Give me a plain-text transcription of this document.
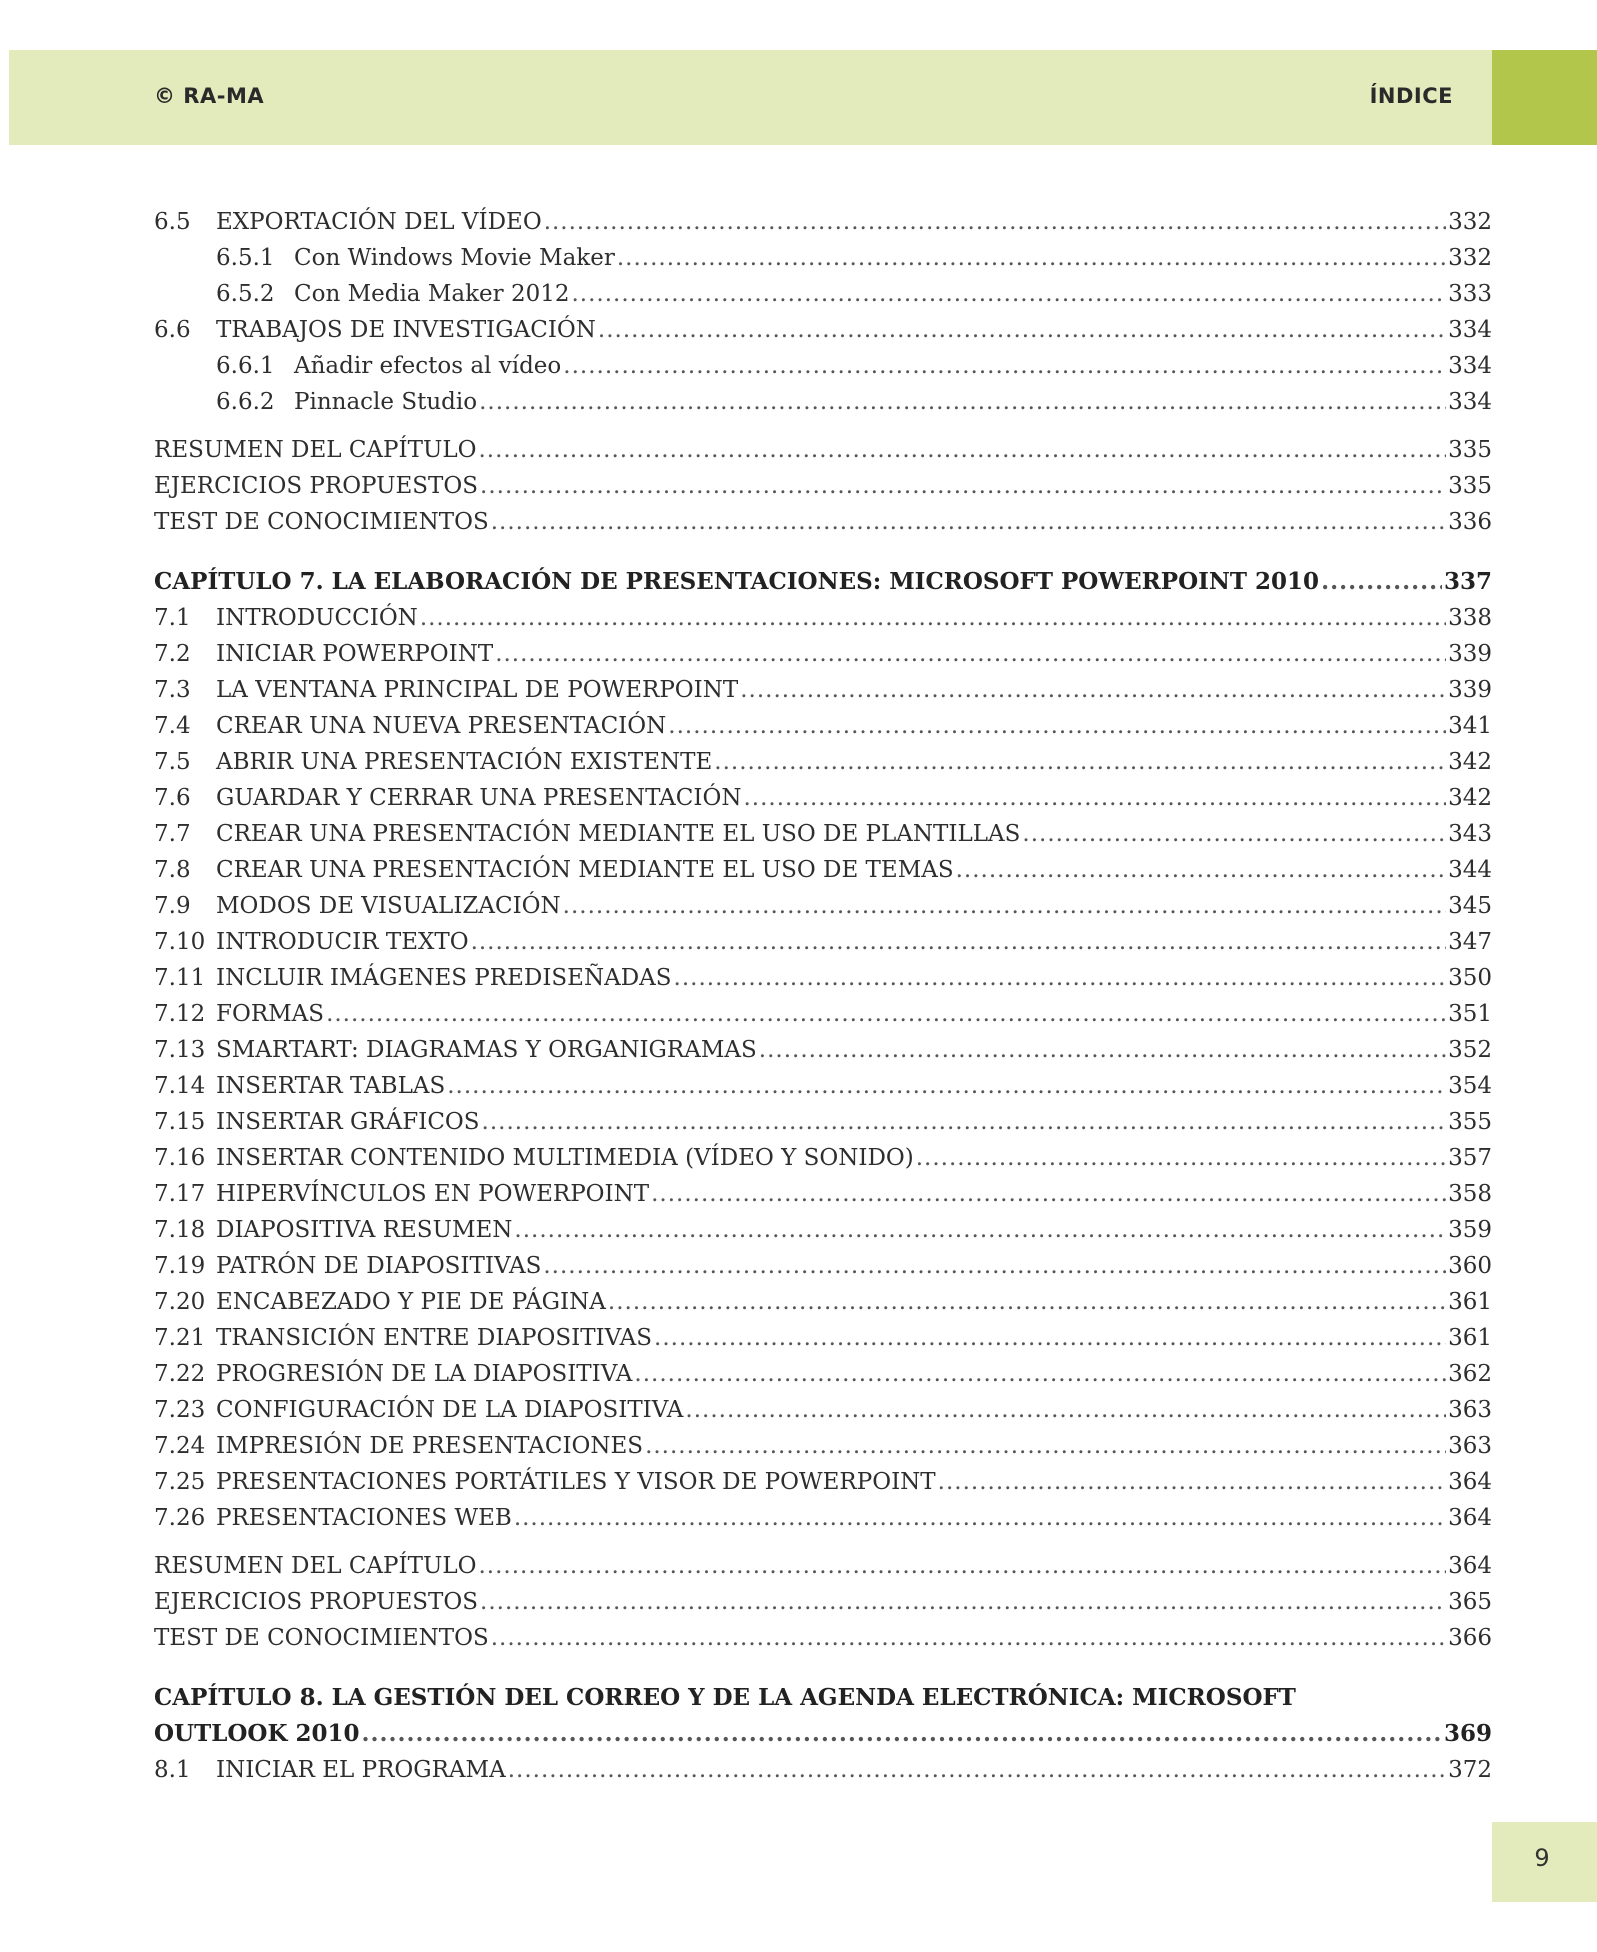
© RA-MA	ÍNDICE
6.5	EXPORTACIÓN DEL VÍDEO .....	332
6.5.1 Con Windows Movie Maker .....	332
6.5.2 Con Media Maker 2012 .....	333
6.6	TRABAJOS DE INVESTIGACIÓN .....	334
6.6.1 Añadir efectos al vídeo .....	334
6.6.2 Pinnacle Studio .....	334
RESUMEN DEL CAPÍTULO .....	335
EJERCICIOS PROPUESTOS .....	335
TEST DE CONOCIMIENTOS .....	336
CAPÍTULO 7. LA ELABORACIÓN DE PRESENTACIONES: MICROSOFT POWERPOINT 2010 .....	337
7.1	INTRODUCCIÓN .....	338
7.2	INICIAR POWERPOINT .....	339
7.3	LA VENTANA PRINCIPAL DE POWERPOINT .....	339
7.4	CREAR UNA NUEVA PRESENTACIÓN .....	341
7.5	ABRIR UNA PRESENTACIÓN EXISTENTE .....	342
7.6	GUARDAR Y CERRAR UNA PRESENTACIÓN .....	342
7.7	CREAR UNA PRESENTACIÓN MEDIANTE EL USO DE PLANTILLAS .....	343
7.8	CREAR UNA PRESENTACIÓN MEDIANTE EL USO DE TEMAS .....	344
7.9	MODOS DE VISUALIZACIÓN .....	345
7.10 INTRODUCIR TEXTO .....	347
7.11 INCLUIR IMÁGENES PREDISEÑADAS .....	350
7.12 FORMAS .....	351
7.13 SMARTART: DIAGRAMAS Y ORGANIGRAMAS .....	352
7.14 INSERTAR TABLAS .....	354
7.15 INSERTAR GRÁFICOS .....	355
7.16 INSERTAR CONTENIDO MULTIMEDIA (VÍDEO Y SONIDO) .....	357
7.17 HIPERVÍNCULOS EN POWERPOINT .....	358
7.18 DIAPOSITIVA RESUMEN .....	359
7.19 PATRÓN DE DIAPOSITIVAS .....	360
7.20 ENCABEZADO Y PIE DE PÁGINA .....	361
7.21 TRANSICIÓN ENTRE DIAPOSITIVAS .....	361
7.22 PROGRESIÓN DE LA DIAPOSITIVA .....	362
7.23 CONFIGURACIÓN DE LA DIAPOSITIVA .....	363
7.24 IMPRESIÓN DE PRESENTACIONES .....	363
7.25 PRESENTACIONES PORTÁTILES Y VISOR DE POWERPOINT .....	364
7.26 PRESENTACIONES WEB .....	364
RESUMEN DEL CAPÍTULO .....	364
EJERCICIOS PROPUESTOS .....	365
TEST DE CONOCIMIENTOS .....	366
CAPÍTULO 8. LA GESTIÓN DEL CORREO Y DE LA AGENDA ELECTRÓNICA: MICROSOFT
OUTLOOK 2010 .....	369
8.1	INICIAR EL PROGRAMA .....	372
9
